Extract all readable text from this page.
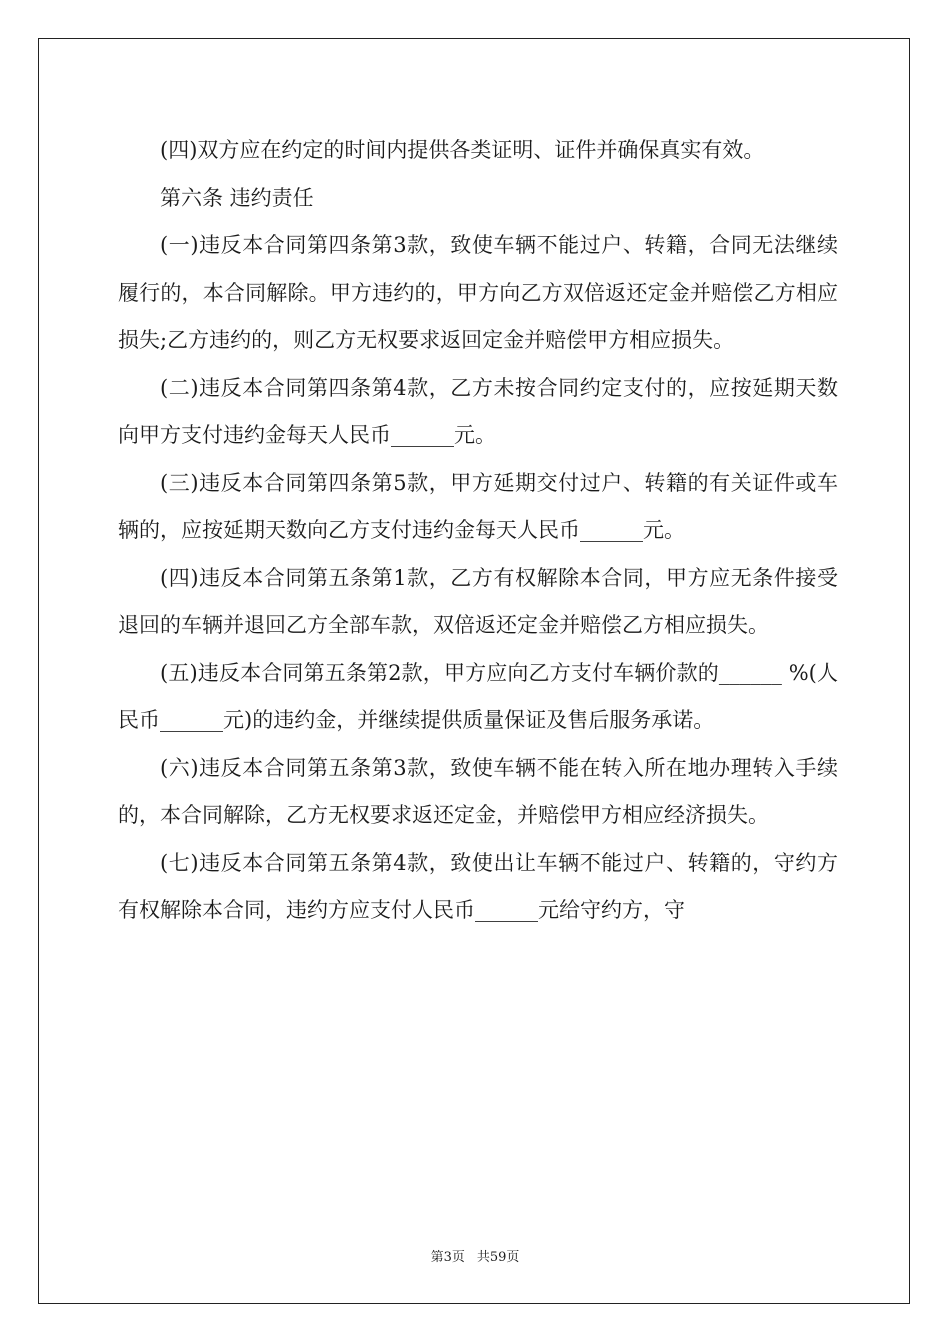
(四)双方应在约定的时间内提供各类证明、证件并确保真实有效。

第六条 违约责任

(一)违反本合同第四条第3款，致使车辆不能过户、转籍，合同无法继续履行的，本合同解除。甲方违约的，甲方向乙方双倍返还定金并赔偿乙方相应损失;乙方违约的，则乙方无权要求返回定金并赔偿甲方相应损失。

(二)违反本合同第四条第4款，乙方未按合同约定支付的，应按延期天数向甲方支付违约金每天人民币______元。

(三)违反本合同第四条第5款，甲方延期交付过户、转籍的有关证件或车辆的，应按延期天数向乙方支付违约金每天人民币______元。

(四)违反本合同第五条第1款，乙方有权解除本合同，甲方应无条件接受退回的车辆并退回乙方全部车款，双倍返还定金并赔偿乙方相应损失。

(五)违反本合同第五条第2款，甲方应向乙方支付车辆价款的______ %(人民币______元)的违约金，并继续提供质量保证及售后服务承诺。

(六)违反本合同第五条第3款，致使车辆不能在转入所在地办理转入手续的，本合同解除，乙方无权要求返还定金，并赔偿甲方相应经济损失。

(七)违反本合同第五条第4款，致使出让车辆不能过户、转籍的，守约方有权解除本合同，违约方应支付人民币______元给守约方，守

第3页 共59页
